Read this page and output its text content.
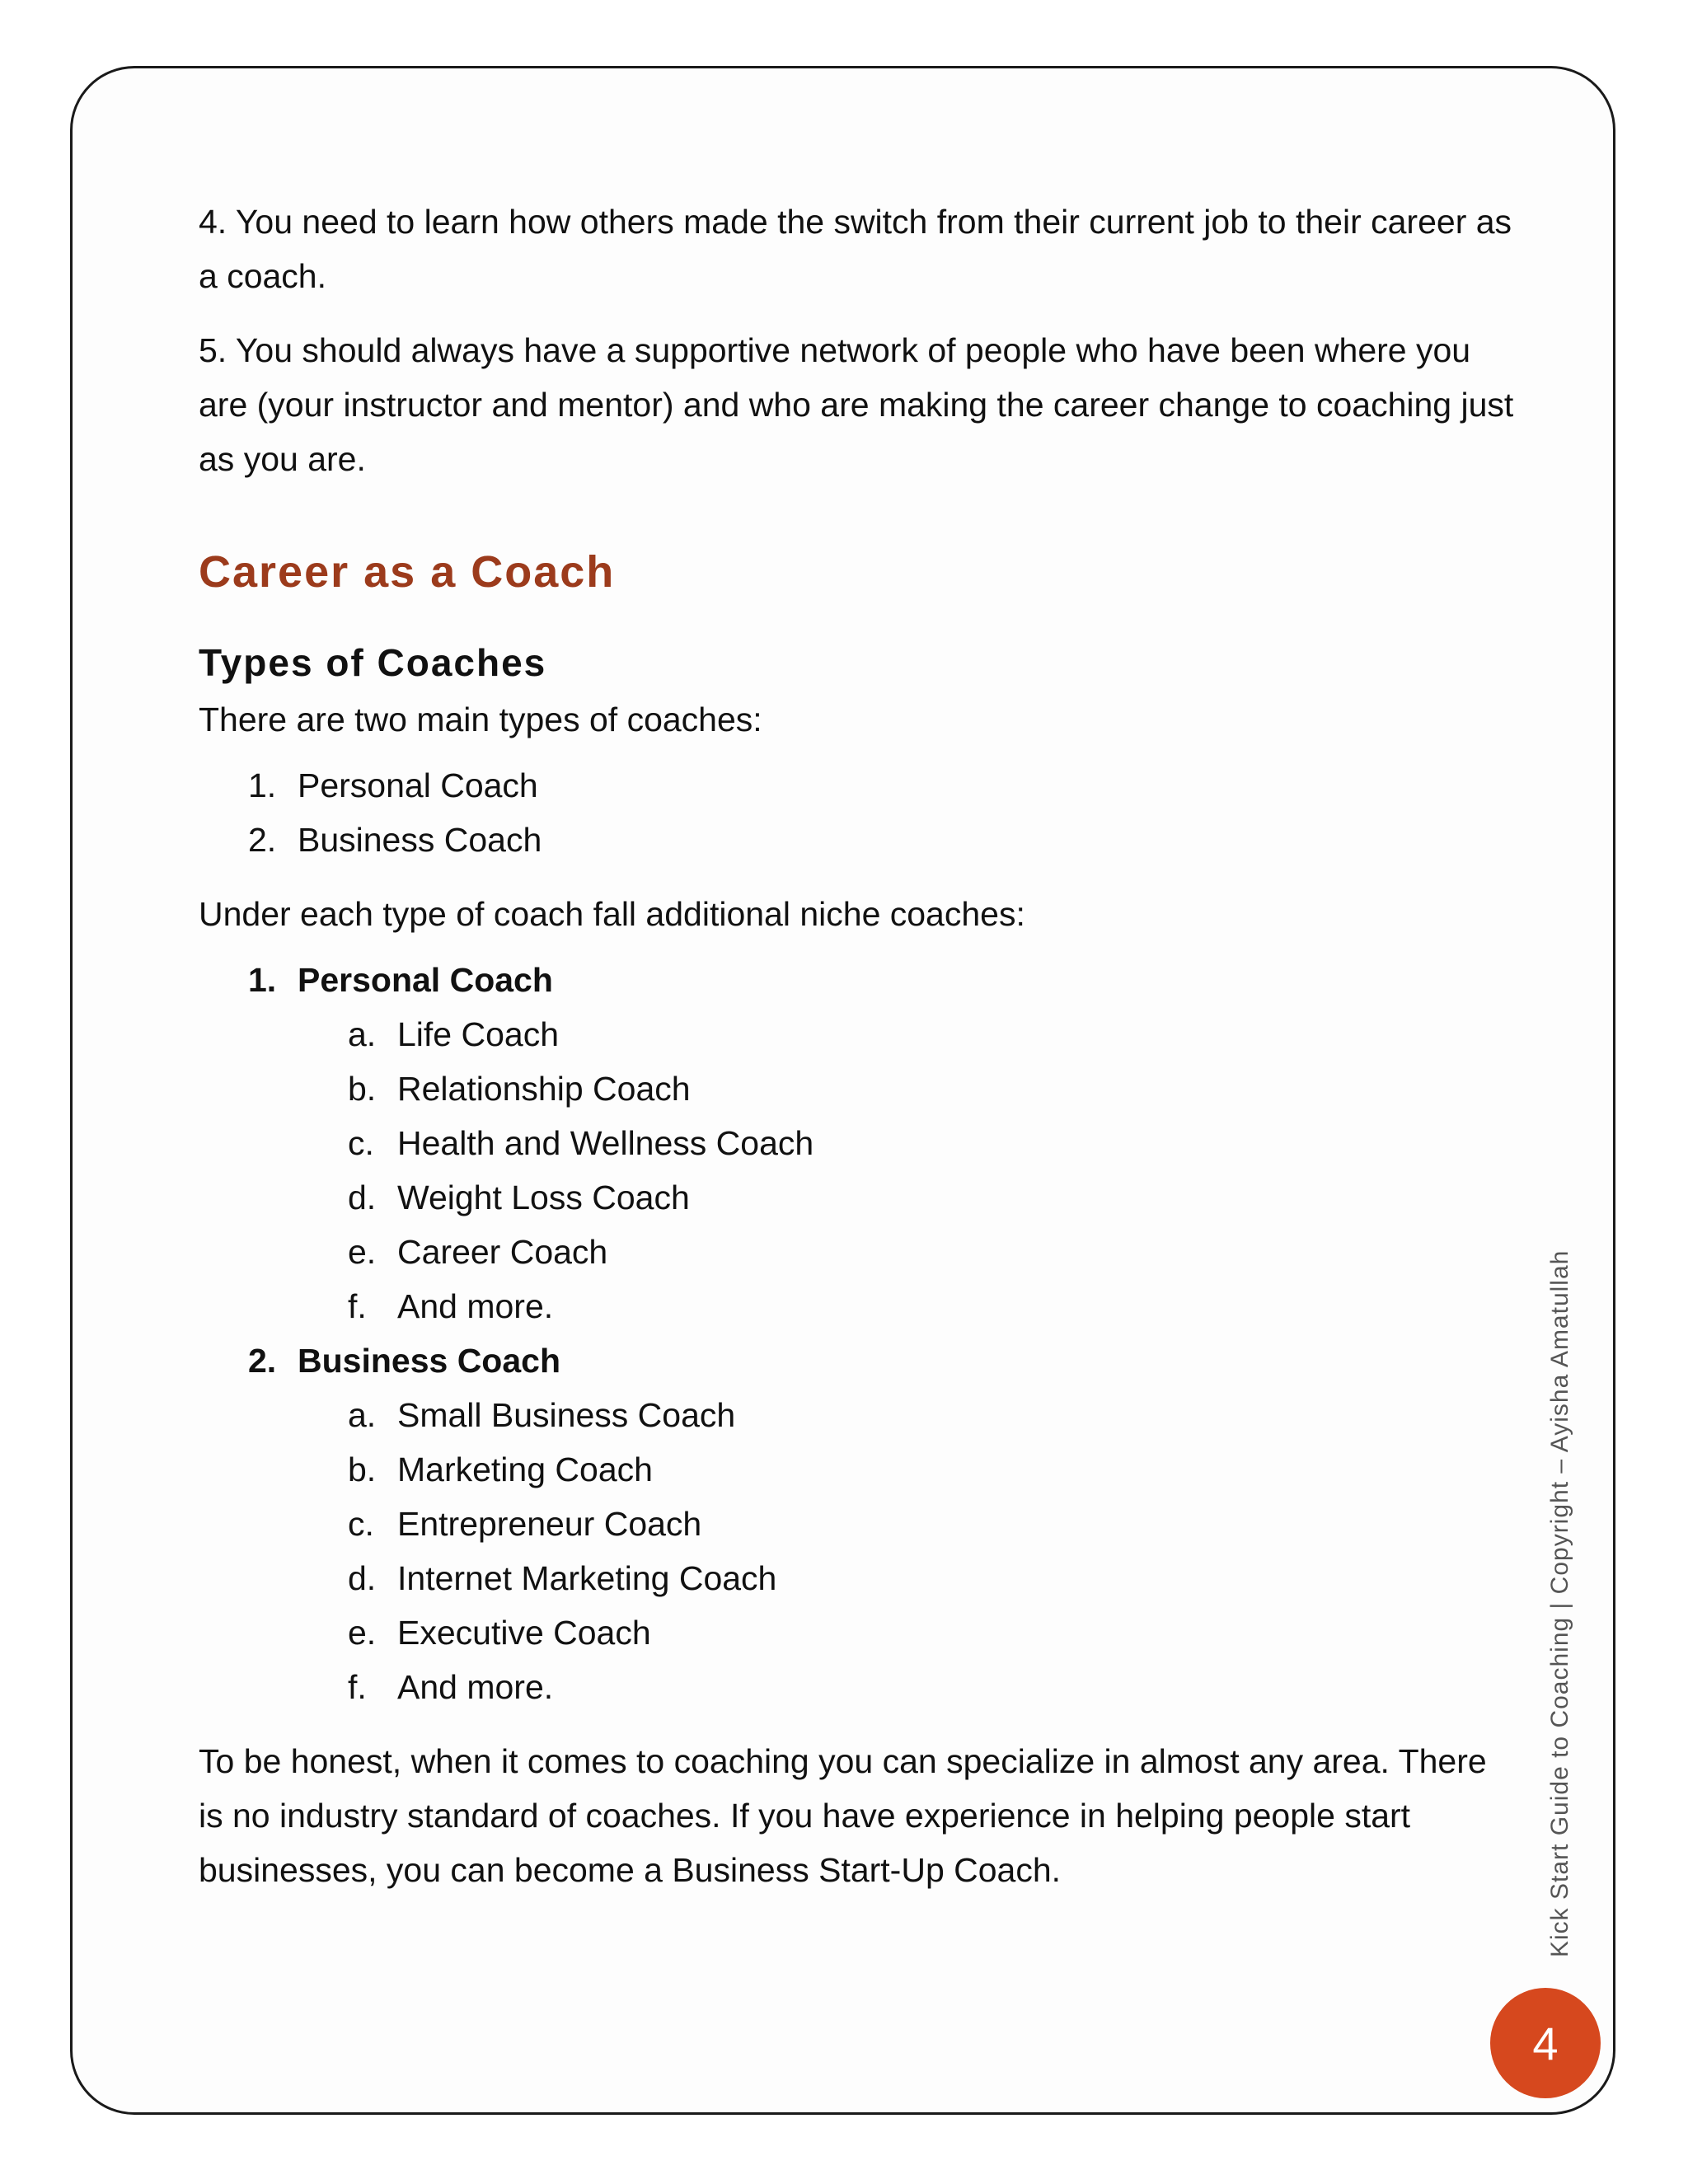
4. You need to learn how others made the switch from their current job to their career as a coach.

5. You should always have a supportive network of people who have been where you are (your instructor and mentor) and who are making the career change to coaching just as you are.

Career as a Coach
Types of Coaches

There are two main types of coaches:

1. Personal Coach
2. Business Coach

Under each type of coach fall additional niche coaches:

1. Personal Coach
a. Life Coach
b. Relationship Coach
c. Health and Wellness Coach
d. Weight Loss Coach
e. Career Coach
f. And more.
2. Business Coach
a. Small Business Coach
b. Marketing Coach
c. Entrepreneur Coach
d. Internet Marketing Coach
e. Executive Coach
f. And more.

To be honest, when it comes to coaching you can specialize in almost any area. There is no industry standard of coaches. If you have experience in helping people start businesses, you can become a Business Start-Up Coach.	Kick Start Guide to Coaching | Copyright – Ayisha Amatullah
4
